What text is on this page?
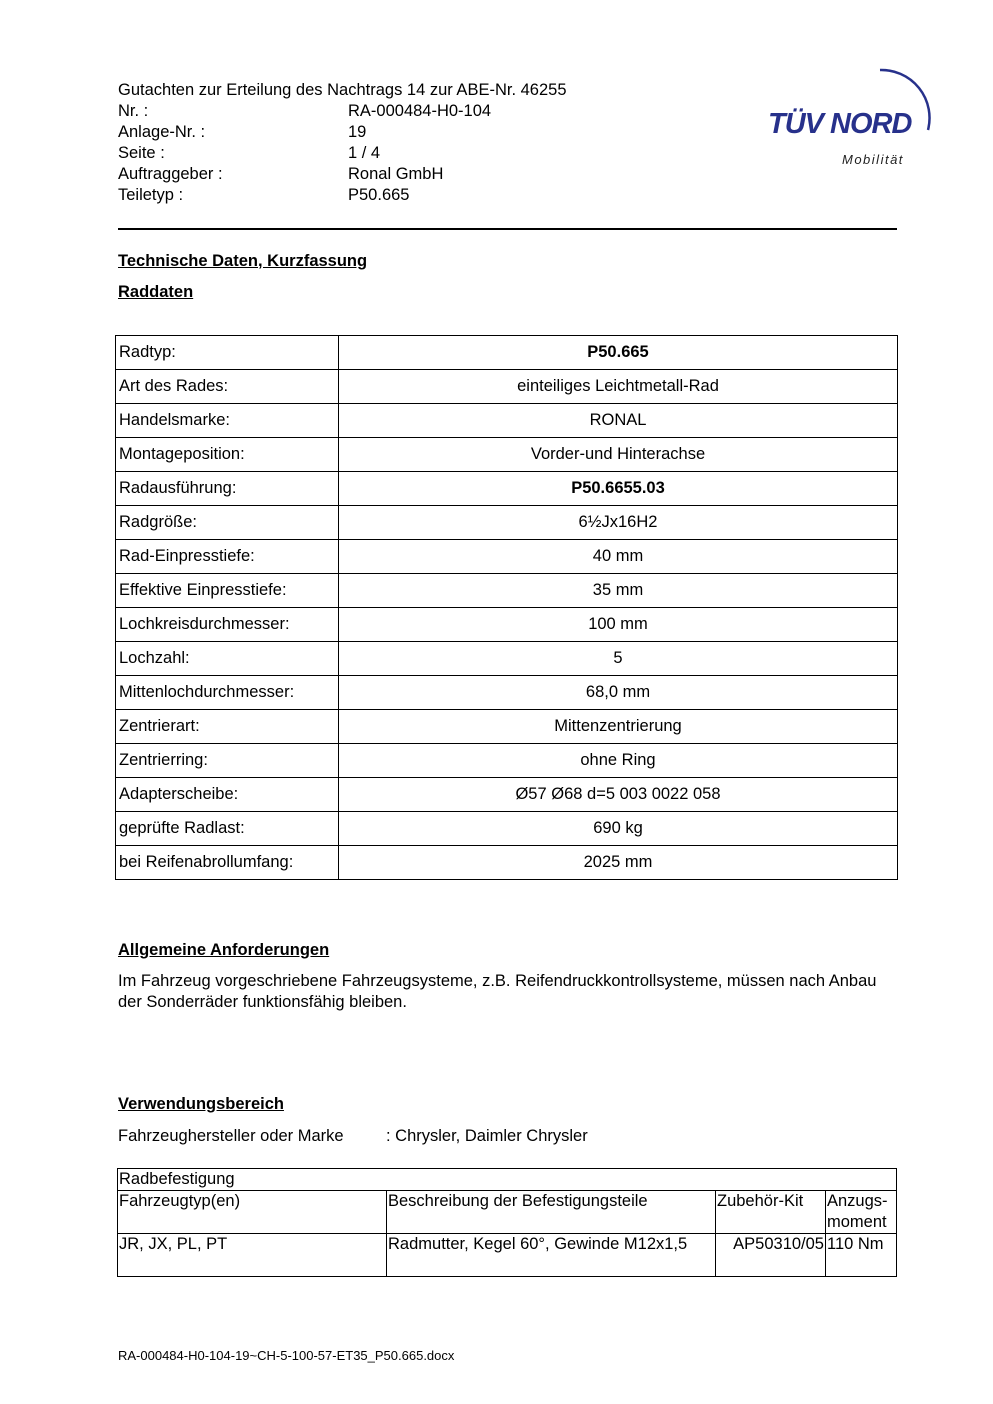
Gutachten zur Erteilung des Nachtrags 14 zur ABE-Nr. 46255
Nr. :	RA-000484-H0-104
Anlage-Nr. :	19
Seite :	1 / 4
Auftraggeber :	Ronal GmbH
Teiletyp :	P50.665
TÜV NORD
Mobilität
Technische Daten, Kurzfassung
Raddaten
Radtyp:	P50.665
Art des Rades:	einteiliges Leichtmetall-Rad
Handelsmarke:	RONAL
Montageposition:	Vorder-und Hinterachse
Radausführung:	P50.6655.03
Radgröße:	6½Jx16H2
Rad-Einpresstiefe:	40 mm
Effektive Einpresstiefe:	35 mm
Lochkreisdurchmesser:	100 mm
Lochzahl:	5
Mittenlochdurchmesser:	68,0 mm
Zentrierart:	Mittenzentrierung
Zentrierring:	ohne Ring
Adapterscheibe:	Ø57 Ø68 d=5 003 0022 058
geprüfte Radlast:	690 kg
bei Reifenabrollumfang:	2025 mm
Allgemeine Anforderungen
Im Fahrzeug vorgeschriebene Fahrzeugsysteme, z.B. Reifendruckkontrollsysteme, müssen nach Anbau der Sonderräder funktionsfähig bleiben.
Verwendungsbereich
Fahrzeughersteller oder Marke	: Chrysler, Daimler Chrysler
Radbefestigung			
Fahrzeugtyp(en)	Beschreibung der Befestigungsteile	Zubehör-Kit	Anzugs-moment
JR, JX, PL, PT	Radmutter, Kegel 60°, Gewinde M12x1,5	AP50310/05	110 Nm
RA-000484-H0-104-19~CH-5-100-57-ET35_P50.665.docx
